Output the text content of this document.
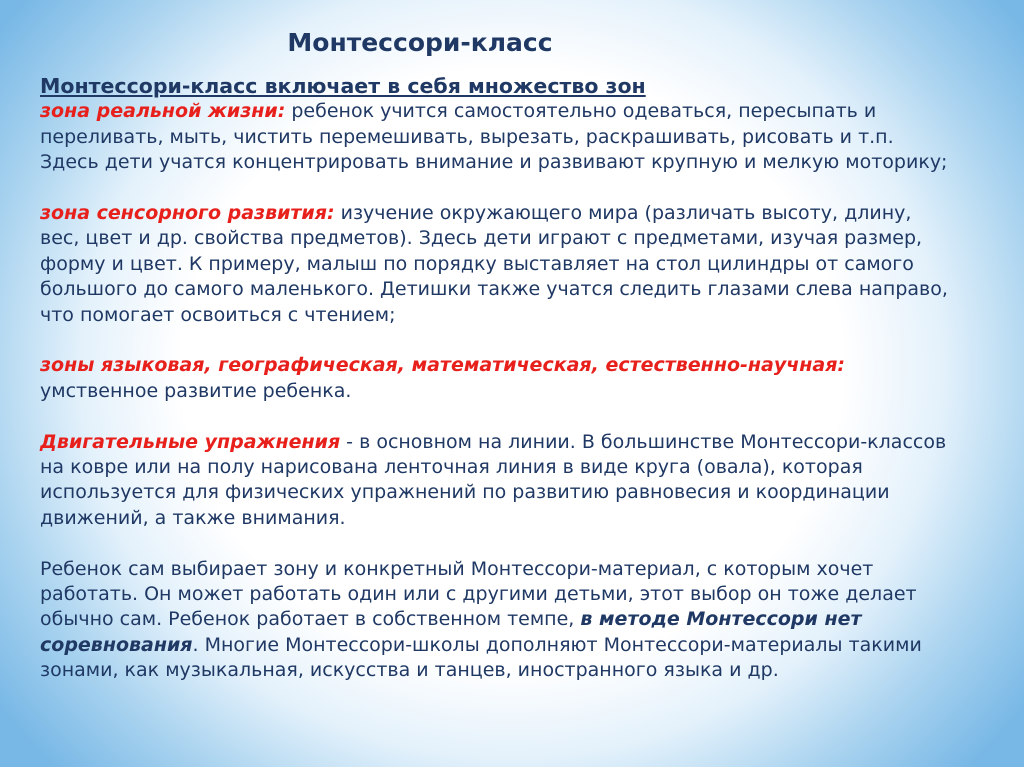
Монтессори-класс
Монтессори-класс включает в себя множество зон
зона реальной жизни: ребенок учится самостоятельно одеваться, пересыпать и переливать, мыть, чистить перемешивать, вырезать, раскрашивать, рисовать и т.п. Здесь дети учатся концентрировать внимание и развивают крупную и мелкую моторику;
зона сенсорного развития: изучение окружающего мира (различать высоту, длину, вес, цвет и др. свойства предметов). Здесь дети играют с предметами, изучая размер, форму и цвет. К примеру, малыш по порядку выставляет на стол цилиндры от самого большого до самого маленького. Детишки также учатся следить глазами слева направо, что помогает освоиться с чтением;
зоны языковая, географическая, математическая, естественно-научная: умственное развитие ребенка.
Двигательные упражнения - в основном на линии. В большинстве Монтессори-классов на ковре или на полу нарисована ленточная линия в виде круга (овала), которая используется для физических упражнений по развитию равновесия и координации движений, а также внимания.
Ребенок сам выбирает зону и конкретный Монтессори-материал, с которым хочет работать. Он может работать один или с другими детьми, этот выбор он тоже делает обычно сам. Ребенок работает в собственном темпе, в методе Монтессори нет соревнования. Многие Монтессори-школы дополняют Монтессори-материалы такими зонами, как музыкальная, искусства и танцев, иностранного языка и др.
